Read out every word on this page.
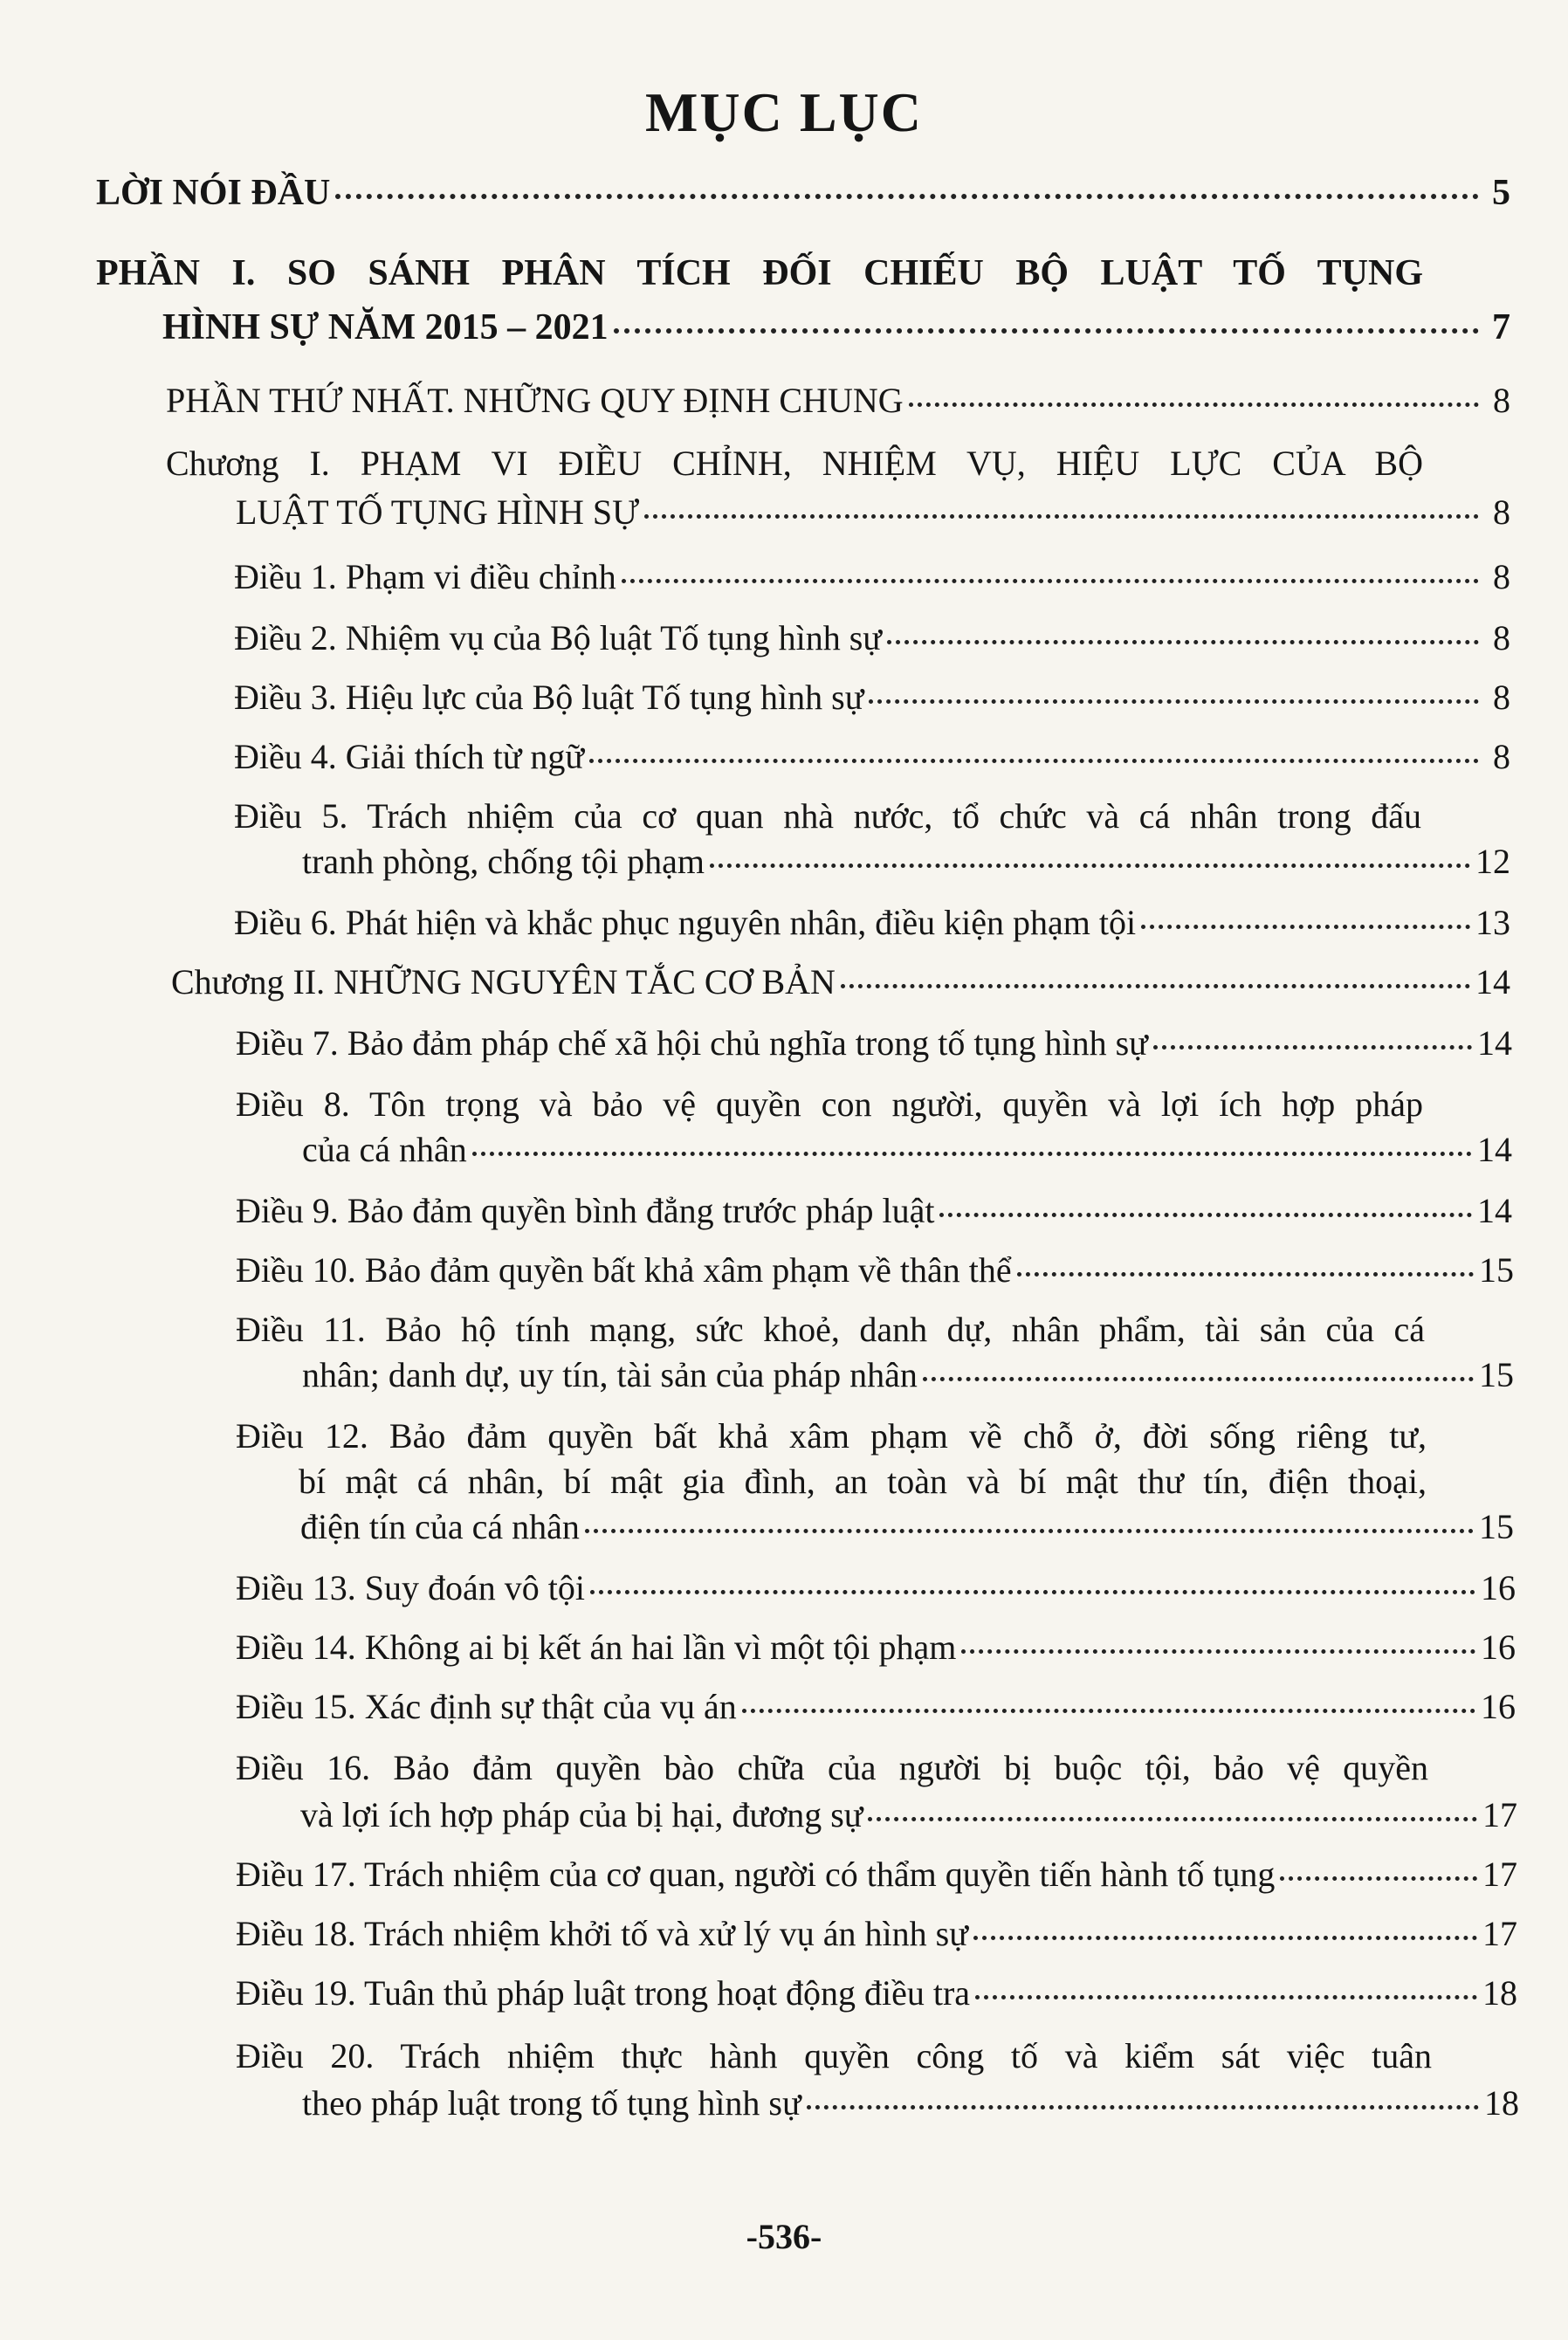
MỤC LỤC
LỜI NÓI ĐẦU	5
PHẦN I. SO SÁNH PHÂN TÍCH ĐỐI CHIẾU BỘ LUẬT TỐ TỤNG
HÌNH SỰ NĂM 2015 – 2021	7
PHẦN THỨ NHẤT. NHỮNG QUY ĐỊNH CHUNG	8
Chương I. PHẠM VI ĐIỀU CHỈNH, NHIỆM VỤ, HIỆU LỰC CỦA BỘ
LUẬT TỐ TỤNG HÌNH SỰ	8
Điều 1. Phạm vi điều chỉnh	8
Điều 2. Nhiệm vụ của Bộ luật Tố tụng hình sự	8
Điều 3. Hiệu lực của Bộ luật Tố tụng hình sự	8
Điều 4. Giải thích từ ngữ	8
Điều 5. Trách nhiệm của cơ quan nhà nước, tổ chức và cá nhân trong đấu
tranh phòng, chống tội phạm	12
Điều 6. Phát hiện và khắc phục nguyên nhân, điều kiện phạm tội	13
Chương II. NHỮNG NGUYÊN TẮC CƠ BẢN	14
Điều 7. Bảo đảm pháp chế xã hội chủ nghĩa trong tố tụng hình sự	14
Điều 8. Tôn trọng và bảo vệ quyền con người, quyền và lợi ích hợp pháp
của cá nhân	14
Điều 9. Bảo đảm quyền bình đẳng trước pháp luật	14
Điều 10. Bảo đảm quyền bất khả xâm phạm về thân thể	15
Điều 11. Bảo hộ tính mạng, sức khoẻ, danh dự, nhân phẩm, tài sản của cá
nhân; danh dự, uy tín, tài sản của pháp nhân	15
Điều 12. Bảo đảm quyền bất khả xâm phạm về chỗ ở, đời sống riêng tư,
bí mật cá nhân, bí mật gia đình, an toàn và bí mật thư tín, điện thoại,
điện tín của cá nhân	15
Điều 13. Suy đoán vô tội	16
Điều 14. Không ai bị kết án hai lần vì một tội phạm	16
Điều 15. Xác định sự thật của vụ án	16
Điều 16. Bảo đảm quyền bào chữa của người bị buộc tội, bảo vệ quyền
và lợi ích hợp pháp của bị hại, đương sự	17
Điều 17. Trách nhiệm của cơ quan, người có thẩm quyền tiến hành tố tụng	17
Điều 18. Trách nhiệm khởi tố và xử lý vụ án hình sự	17
Điều 19. Tuân thủ pháp luật trong hoạt động điều tra	18
Điều 20. Trách nhiệm thực hành quyền công tố và kiểm sát việc tuân
theo pháp luật trong tố tụng hình sự	18
-536-
